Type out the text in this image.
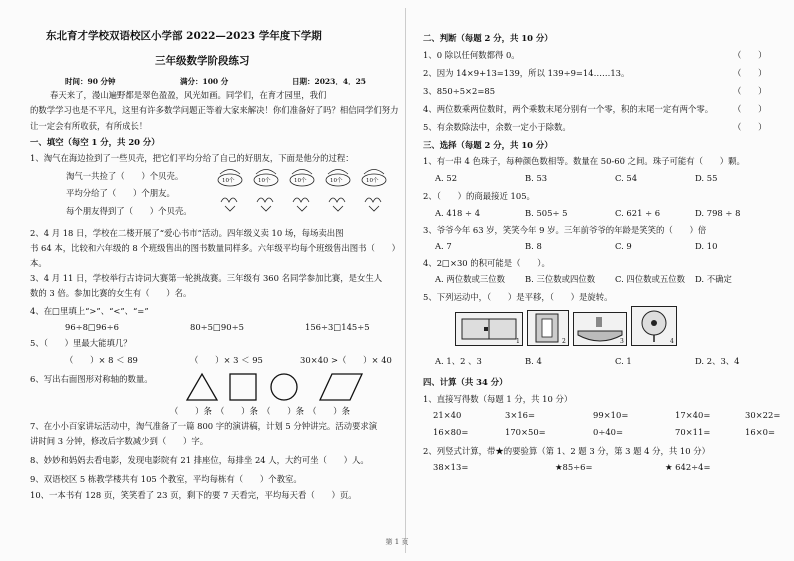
东北育才学校双语校区小学部 2022—2023 学年度下学期
三年级数学阶段练习
时间：90 分钟	满分：100 分	日期：2023．4．25
春天来了，漫山遍野都是翠色盈盈，风光如画。同学们，在育才园里，我们
的数学学习也是不平凡，这里有许多数学问题正等着大家来解决！你们准备好了吗？相信同学们努力
让一定会有所收获，有所成长！
一、填空（每空 1 分，共 20 分）
1、淘气在海边捡到了一些贝壳，把它们平均分给了自己的好朋友，下面是他分的过程：
淘气一共捡了（　　）个贝壳。
平均分给了（　　）个朋友。
每个朋友得到了（　　）个贝壳。
10个	10个	10个	10个	10个
2、4 月 18 日，学校在二楼开展了“爱心书市”活动。四年级义卖 10 场，每场卖出图
书 64 本，比较和六年级的 8 个班级售出的图书数量同样多。六年级平均每个班级售出图书（　　）
本。
3、4 月 11 日，学校举行古诗词大赛第一轮挑战赛。三年级有 360 名同学参加比赛，是女生人
数的 3 倍。参加比赛的女生有（　　）名。
4、在□里填上“>”、“<”、“=”
96÷8□96÷6	80÷5□90÷5	156÷3□145÷5
5、（　　）里最大能填几？
（　　）× 8 ＜ 89	（　　）× 3 ＜ 95	30×40 >（　　）× 40
6、写出右面图形对称轴的数量。
（　　）条　（　　）条　（　　）条　（　　）条
7、在小小百家讲坛活动中，淘气准备了一篇 800 字的演讲稿，计划 5 分钟讲完。活动要求演
讲时间 3 分钟，修改后字数减少到（　　）字。
8、妙妙和妈妈去看电影，发现电影院有 21 排座位，每排坐 24 人，大约可坐（　　）人。
9、双语校区 5 栋教学楼共有 105 个教室，平均每栋有（　　）个教室。
10、一本书有 128 页，笑笑看了 23 页，剩下的要 7 天看完，平均每天看（　　）页。
二、判断（每题 2 分，共 10 分）
1、0 除以任何数都得 0。	（　　）
2、因为 14×9+13=139，所以 139÷9=14……13。	（　　）
3、850÷5×2=85	（　　）
4、两位数乘两位数时，两个乘数末尾分别有一个零，积的末尾一定有两个零。 （　　）
5、有余数除法中，余数一定小于除数。	（　　）
三、选择（每题 2 分，共 10 分）
1、有一串 4 色珠子，每种颜色数相等。数量在 50-60 之间。珠子可能有（　　）颗。
A. 52	B. 53	C. 54	D. 55
2、（　　）的商最接近 105。
A. 418 ÷ 4	B. 505÷ 5	C. 621 ÷ 6	D. 798 ÷ 8
3、爷爷今年 63 岁，笑笑今年 9 岁。三年前爷爷的年龄是笑笑的（　　）倍
A. 7	B. 8	C. 9	D. 10
4、2□×30 的积可能是（　　）。
A. 两位数或三位数 B. 三位数或四位数 C. 四位数或五位数 D. 不确定
5、下列运动中，（　　）是平移，（　　）是旋转。
1	2	3	4
A. 1、2 、3	B. 4	C. 1	D. 2、3、4
四、计算（共 34 分）
1、直接写得数（每题 1 分，共 10 分）
21×40	3×16=	99×10=	17×40=	30×22=
16×80=	170×50=	0÷40=	70×11=	16×0=
2、列竖式计算，带★的要验算（第 1、2 题 3 分，第 3 题 4 分，共 10 分）
38×13=	★85÷6=	★ 642÷4=
第 1 页
